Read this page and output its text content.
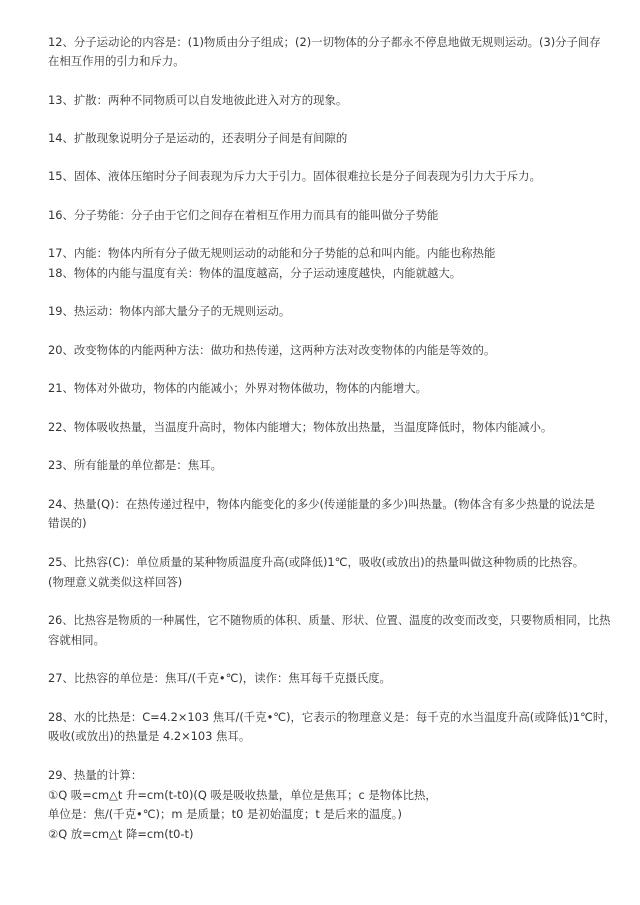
12、分子运动论的内容是：(1)物质由分子组成；(2)一切物体的分子都永不停息地做无规则运动。(3)分子间存
在相互作用的引力和斥力。
13、扩散：两种不同物质可以自发地彼此进入对方的现象。
14、扩散现象说明分子是运动的，还表明分子间是有间隙的
15、固体、液体压缩时分子间表现为斥力大于引力。固体很难拉长是分子间表现为引力大于斥力。
16、分子势能：分子由于它们之间存在着相互作用力而具有的能叫做分子势能
17、内能：物体内所有分子做无规则运动的动能和分子势能的总和叫内能。内能也称热能
18、物体的内能与温度有关：物体的温度越高，分子运动速度越快，内能就越大。
19、热运动：物体内部大量分子的无规则运动。
20、改变物体的内能两种方法：做功和热传递，这两种方法对改变物体的内能是等效的。
21、物体对外做功，物体的内能减小；外界对物体做功，物体的内能增大。
22、物体吸收热量，当温度升高时，物体内能增大；物体放出热量，当温度降低时，物体内能减小。
23、所有能量的单位都是：焦耳。
24、热量(Q)：在热传递过程中，物体内能变化的多少(传递能量的多少)叫热量。(物体含有多少热量的说法是
错误的)
25、比热容(C)：单位质量的某种物质温度升高(或降低)1℃，吸收(或放出)的热量叫做这种物质的比热容。
(物理意义就类似这样回答)
26、比热容是物质的一种属性，它不随物质的体积、质量、形状、位置、温度的改变而改变，只要物质相同，比热
容就相同。
27、比热容的单位是：焦耳/(千克•℃)，读作：焦耳每千克摄氏度。
28、水的比热是：C=4.2×103 焦耳/(千克•℃)，它表示的物理意义是：每千克的水当温度升高(或降低)1℃时，
吸收(或放出)的热量是 4.2×103 焦耳。
29、热量的计算：
①Q 吸=cm△t 升=cm(t-t0)(Q 吸是吸收热量，单位是焦耳；c 是物体比热，
单位是：焦/(千克•℃)；m 是质量；t0 是初始温度；t 是后来的温度。)
②Q 放=cm△t 降=cm(t0-t)
